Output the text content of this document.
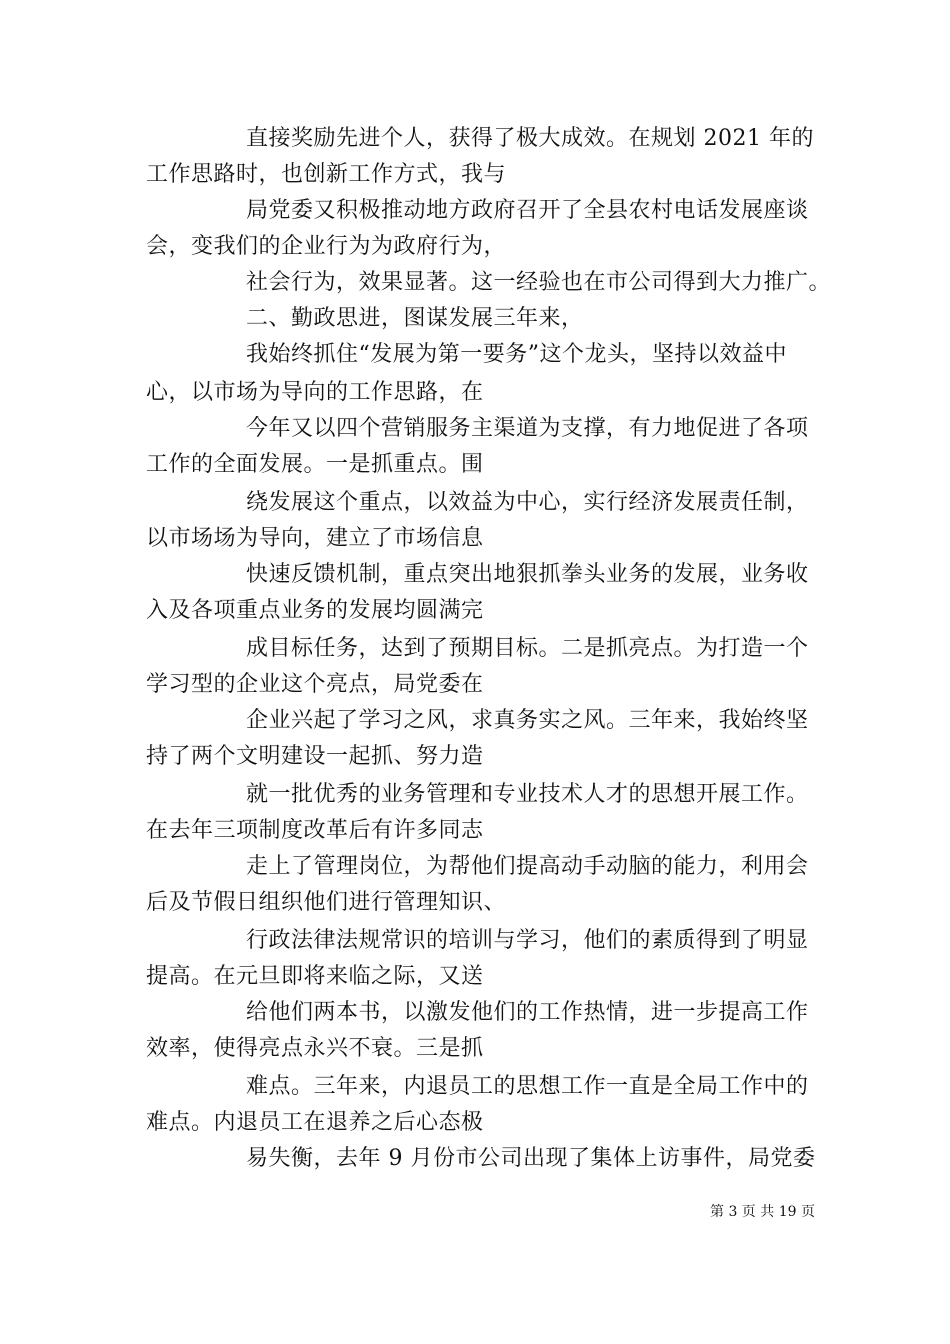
直接奖励先进个人，获得了极大成效。在规划 2021 年的
工作思路时，也创新工作方式，我与
局党委又积极推动地方政府召开了全县农村电话发展座谈
会，变我们的企业行为为政府行为，
社会行为，效果显著。这一经验也在市公司得到大力推广。
二、勤政思进，图谋发展三年来，
我始终抓住“发展为第一要务”这个龙头，坚持以效益中
心，以市场为导向的工作思路，在
今年又以四个营销服务主渠道为支撑，有力地促进了各项
工作的全面发展。一是抓重点。围
绕发展这个重点，以效益为中心，实行经济发展责任制，
以市场场为导向，建立了市场信息
快速反馈机制，重点突出地狠抓拳头业务的发展，业务收
入及各项重点业务的发展均圆满完
成目标任务，达到了预期目标。二是抓亮点。为打造一个
学习型的企业这个亮点，局党委在
企业兴起了学习之风，求真务实之风。三年来，我始终坚
持了两个文明建设一起抓、努力造
就一批优秀的业务管理和专业技术人才的思想开展工作。
在去年三项制度改革后有许多同志
走上了管理岗位，为帮他们提高动手动脑的能力，利用会
后及节假日组织他们进行管理知识、
行政法律法规常识的培训与学习，他们的素质得到了明显
提高。在元旦即将来临之际，又送
给他们两本书，以激发他们的工作热情，进一步提高工作
效率，使得亮点永兴不衰。三是抓
难点。三年来，内退员工的思想工作一直是全局工作中的
难点。内退员工在退养之后心态极
易失衡，去年 9 月份市公司出现了集体上访事件，局党委
第 3 页 共 19 页
